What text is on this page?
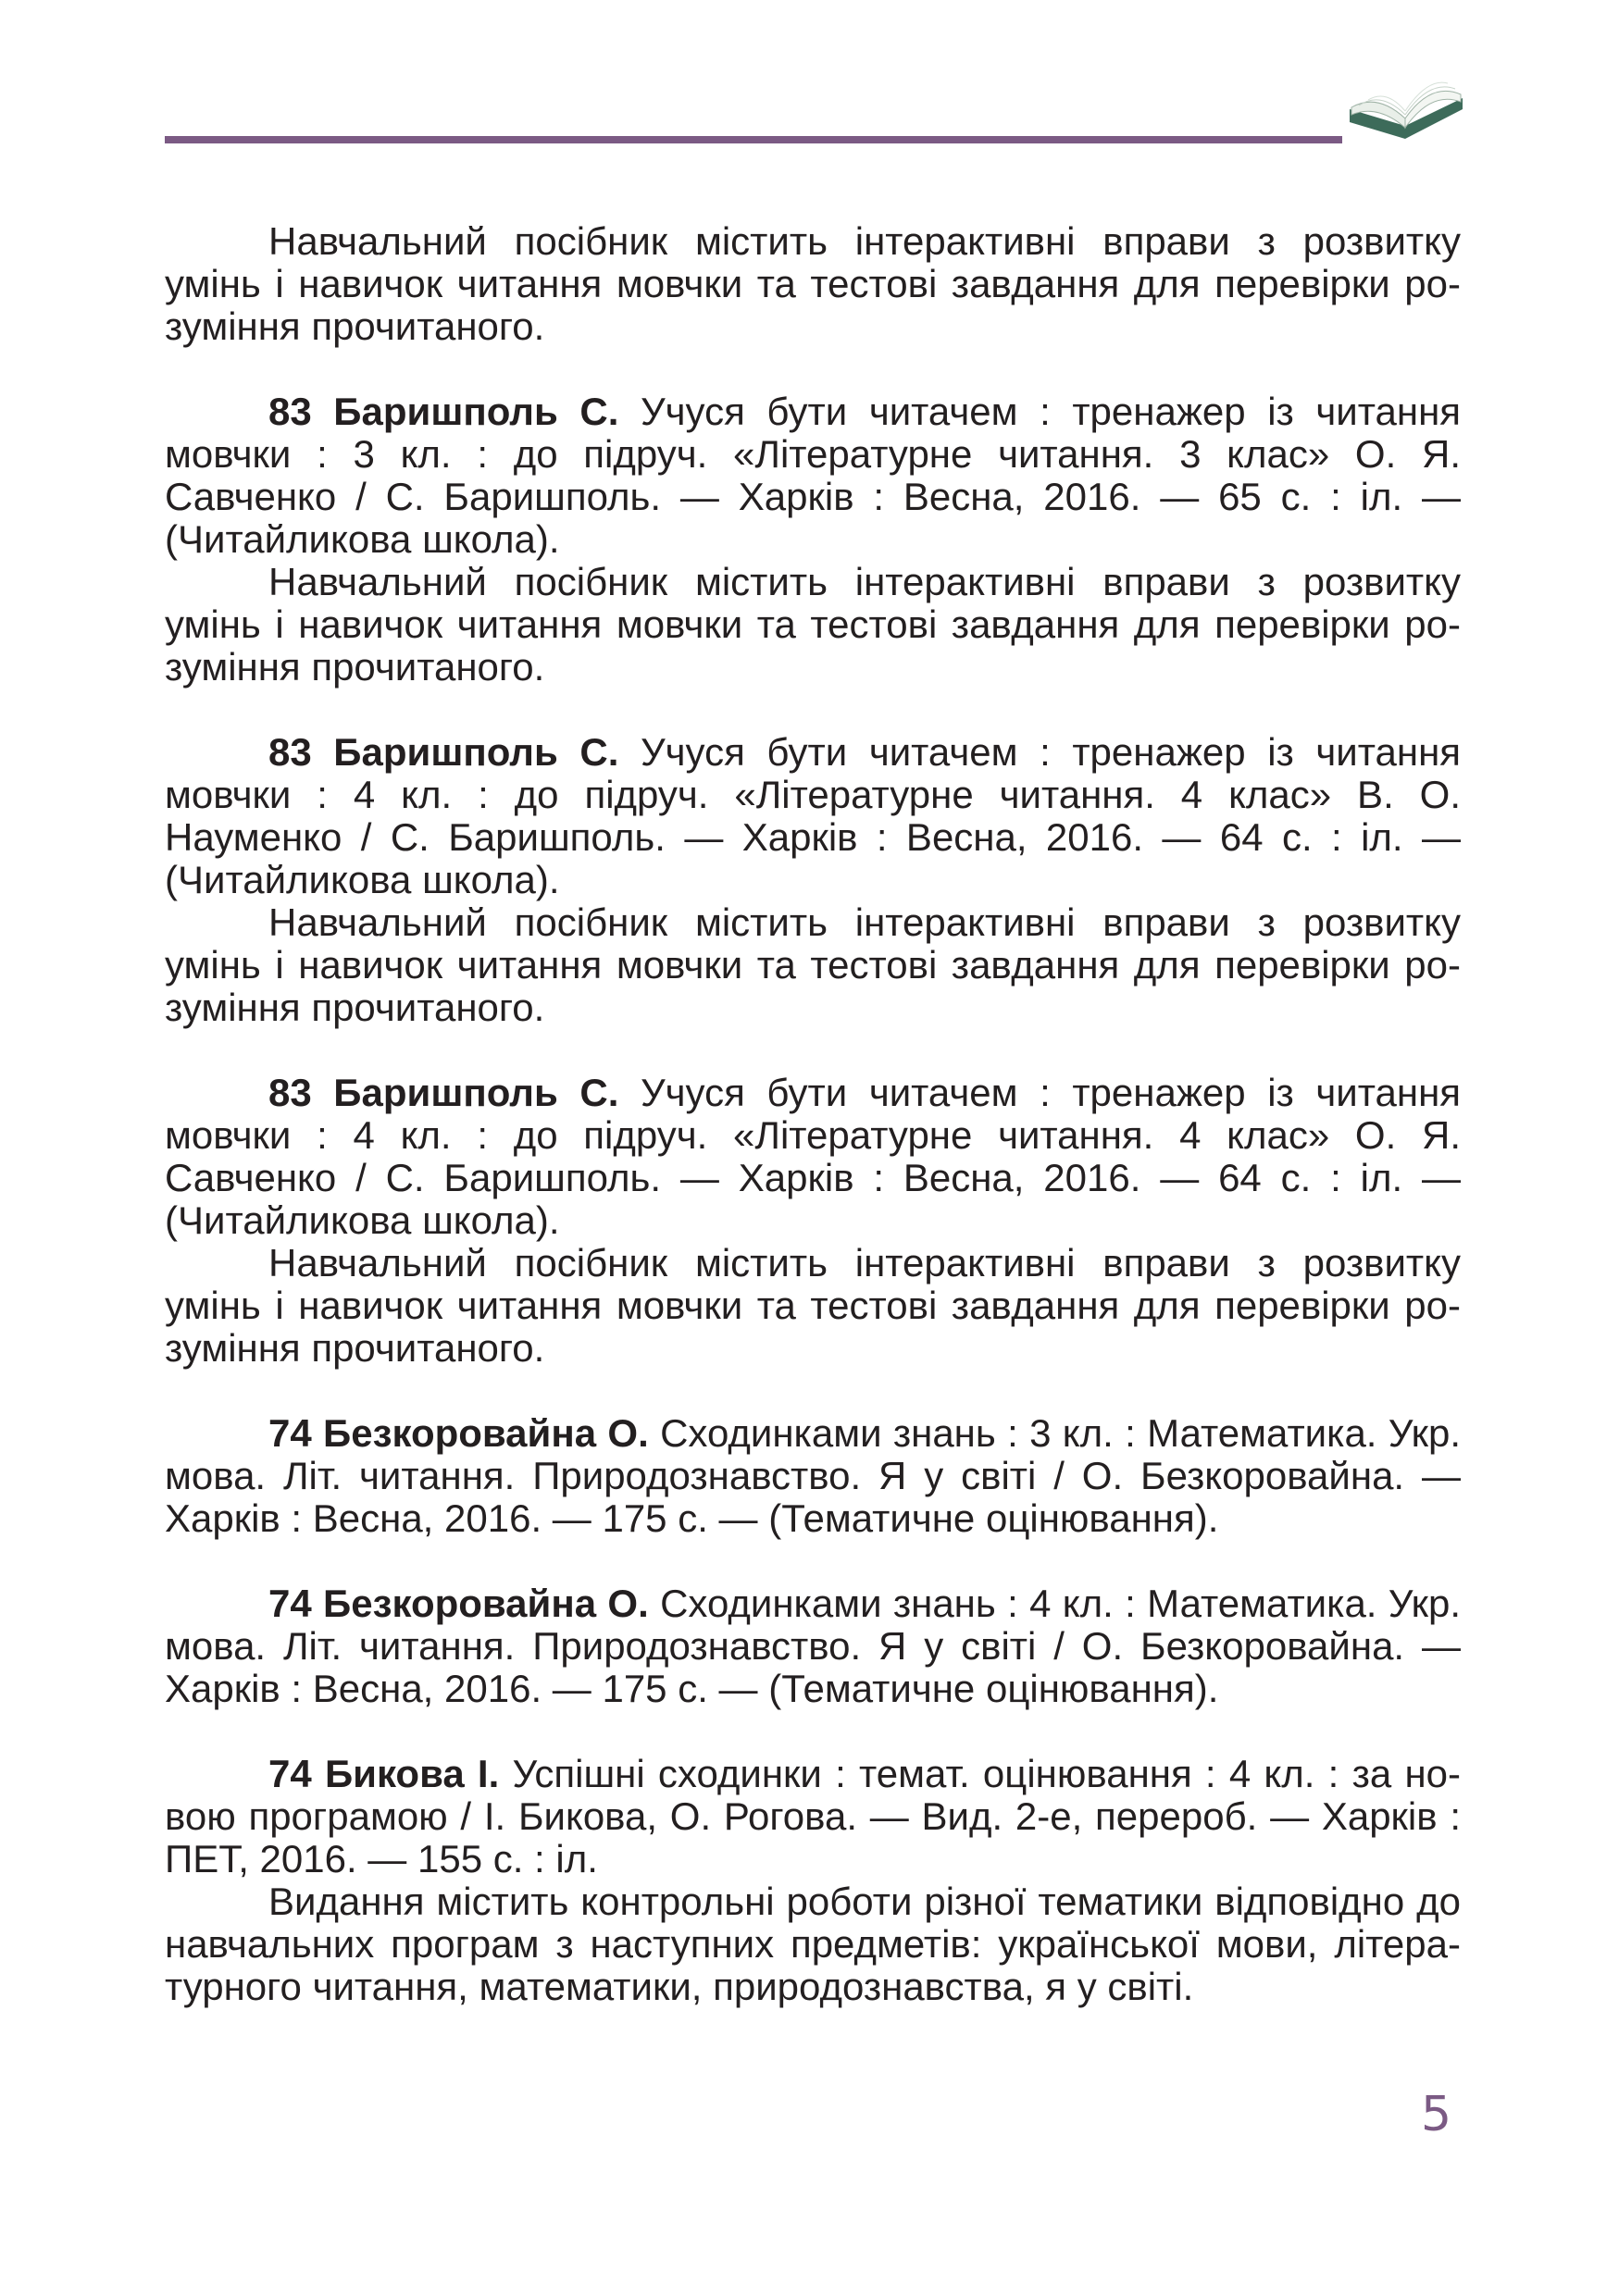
Навчальний посібник містить інтерактивні вправи з розвитку умінь і навичок читання мовчки та тестові завдання для перевірки розуміння прочитаного.

83 Баришполь С. Учуся бути читачем : тренажер із читання мовчки : 3 кл. : до підруч. «Літературне читання. 3 клас» О. Я. Савченко / С. Баришполь. — Харків : Весна, 2016. — 65 с. : іл. — (Читайликова школа).

Навчальний посібник містить інтерактивні вправи з розвитку умінь і навичок читання мовчки та тестові завдання для перевірки розуміння прочитаного.

83 Баришполь С. Учуся бути читачем : тренажер із читання мовчки : 4 кл. : до підруч. «Літературне читання. 4 клас» В. О. Науменко / С. Баришполь. — Харків : Весна, 2016. — 64 с. : іл. — (Читайликова школа).

Навчальний посібник містить інтерактивні вправи з розвитку умінь і навичок читання мовчки та тестові завдання для перевірки розуміння прочитаного.

83 Баришполь С. Учуся бути читачем : тренажер із читання мовчки : 4 кл. : до підруч. «Літературне читання. 4 клас» О. Я. Савченко / С. Баришполь. — Харків : Весна, 2016. — 64 с. : іл. — (Читайликова школа).

Навчальний посібник містить інтерактивні вправи з розвитку умінь і навичок читання мовчки та тестові завдання для перевірки розуміння прочитаного.

74 Безкоровайна О. Сходинками знань : 3 кл. : Математика. Укр. мова. Літ. читання. Природознавство. Я у світі / О. Безкоровайна. — Харків : Весна, 2016. — 175 с. — (Тематичне оцінювання).

74 Безкоровайна О. Сходинками знань : 4 кл. : Математика. Укр. мова. Літ. читання. Природознавство. Я у світі / О. Безкоровайна. — Харків : Весна, 2016. — 175 с. — (Тематичне оцінювання).

74 Бикова І. Успішні сходинки : темат. оцінювання : 4 кл. : за новою програмою / І. Бикова, О. Рогова. — Вид. 2-е, перероб. — Харків : ПЕТ, 2016. — 155 с. : іл.

Видання містить контрольні роботи різної тематики відповідно до навчальних програм з наступних предметів: української мови, літературного читання, математики, природознавства, я у світі.

5
